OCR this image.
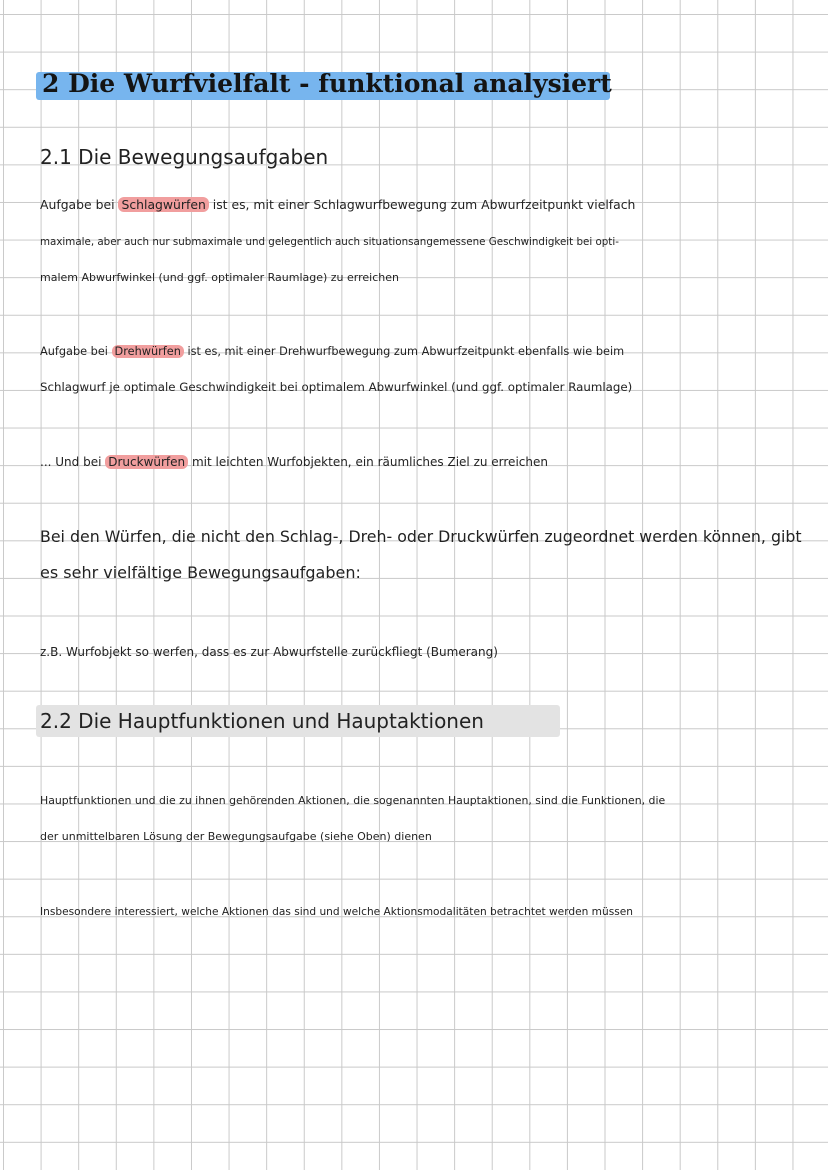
2 Die Wurfvielfalt - funktional analysiert
2.1 Die Bewegungsaufgaben
Aufgabe bei Schlagwürfen ist es, mit einer Schlagwurfbewegung zum Abwurfzeitpunkt vielfach
maximale, aber auch nur submaximale und gelegentlich auch situationsangemessene Geschwindigkeit bei opti-
malem Abwurfwinkel (und ggf. optimaler Raumlage) zu erreichen
Aufgabe bei Drehwürfen ist es, mit einer Drehwurfbewegung zum Abwurfzeitpunkt ebenfalls wie beim
Schlagwurf je optimale Geschwindigkeit bei optimalem Abwurfwinkel (und ggf. optimaler Raumlage)
... Und bei Druckwürfen mit leichten Wurfobjekten, ein räumliches Ziel zu erreichen
Bei den Würfen, die nicht den Schlag-, Dreh- oder Druckwürfen zugeordnet werden können, gibt
es sehr vielfältige Bewegungsaufgaben:
z.B. Wurfobjekt so werfen, dass es zur Abwurfstelle zurückfliegt (Bumerang)
2.2 Die Hauptfunktionen und Hauptaktionen
Hauptfunktionen und die zu ihnen gehörenden Aktionen, die sogenannten Hauptaktionen, sind die Funktionen, die
der unmittelbaren Lösung der Bewegungsaufgabe (siehe Oben) dienen
Insbesondere interessiert, welche Aktionen das sind und welche Aktionsmodalitäten betrachtet werden müssen
